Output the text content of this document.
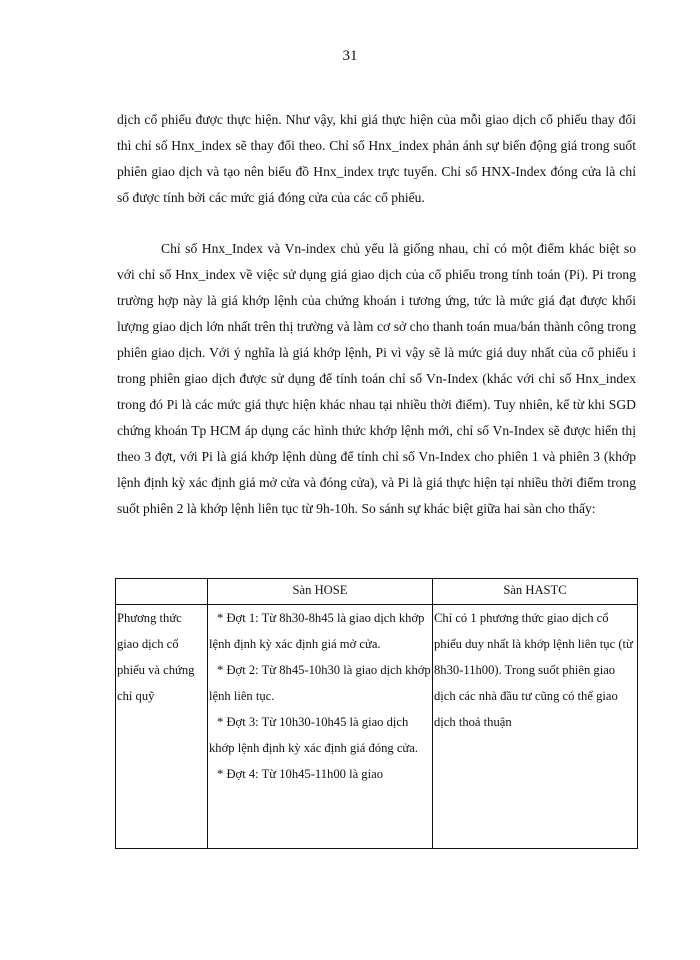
31

dịch cổ phiếu được thực hiện. Như vậy, khi giá thực hiện của mỗi giao dịch cổ phiếu thay đổi thì chỉ số Hnx_index sẽ thay đổi theo. Chỉ số Hnx_index phản ánh sự biến động giá trong suốt phiên giao dịch và tạo nên biểu đồ Hnx_index trực tuyến. Chỉ số HNX-Index đóng cửa là chỉ số được tính bởi các mức giá đóng cửa của các cổ phiếu.

Chỉ số Hnx_Index và Vn-index chủ yếu là giống nhau, chỉ có một điểm khác biệt so với chỉ số Hnx_index về việc sử dụng giá giao dịch của cổ phiếu trong tính toán (Pi). Pi trong trường hợp này là giá khớp lệnh của chứng khoán i tương ứng, tức là mức giá đạt được khối lượng giao dịch lớn nhất trên thị trường và làm cơ sở cho thanh toán mua/bán thành công trong phiên giao dịch. Với ý nghĩa là giá khớp lệnh, Pi vì vậy sẽ là mức giá duy nhất của cổ phiếu i trong phiên giao dịch được sử dụng để tính toán chỉ số Vn-Index (khác với chỉ số Hnx_index trong đó Pi là các mức giá thực hiện khác nhau tại nhiều thời điểm). Tuy nhiên, kể từ khi SGD chứng khoán Tp HCM áp dụng các hình thức khớp lệnh mới, chỉ số Vn-Index sẽ được hiển thị theo 3 đợt, với Pi là giá khớp lệnh dùng để tính chỉ số Vn-Index cho phiên 1 và phiên 3 (khớp lệnh định kỳ xác định giá mở cửa và đóng cửa), và Pi là giá thực hiện tại nhiều thời điểm trong suốt phiên 2 là khớp lệnh liên tục từ 9h-10h. So sánh sự khác biệt giữa hai sàn cho thấy:

	Sàn HOSE	Sàn HASTC
Phương thức giao dịch cổ phiếu và chứng chỉ quỹ	* Đợt 1: Từ 8h30-8h45 là giao dịch khớp lệnh định kỳ xác định giá mở cửa.
* Đợt 2: Từ 8h45-10h30 là giao dịch khớp lệnh liên tục.
* Đợt 3: Từ 10h30-10h45 là giao dịch khớp lệnh định kỳ xác định giá đóng cửa.
* Đợt 4: Từ 10h45-11h00 là giao	Chỉ có 1 phương thức giao dịch cổ phiếu duy nhất là khớp lệnh liên tục (từ 8h30-11h00). Trong suốt phiên giao dịch các nhà đầu tư cũng có thể giao dịch thoả thuận
